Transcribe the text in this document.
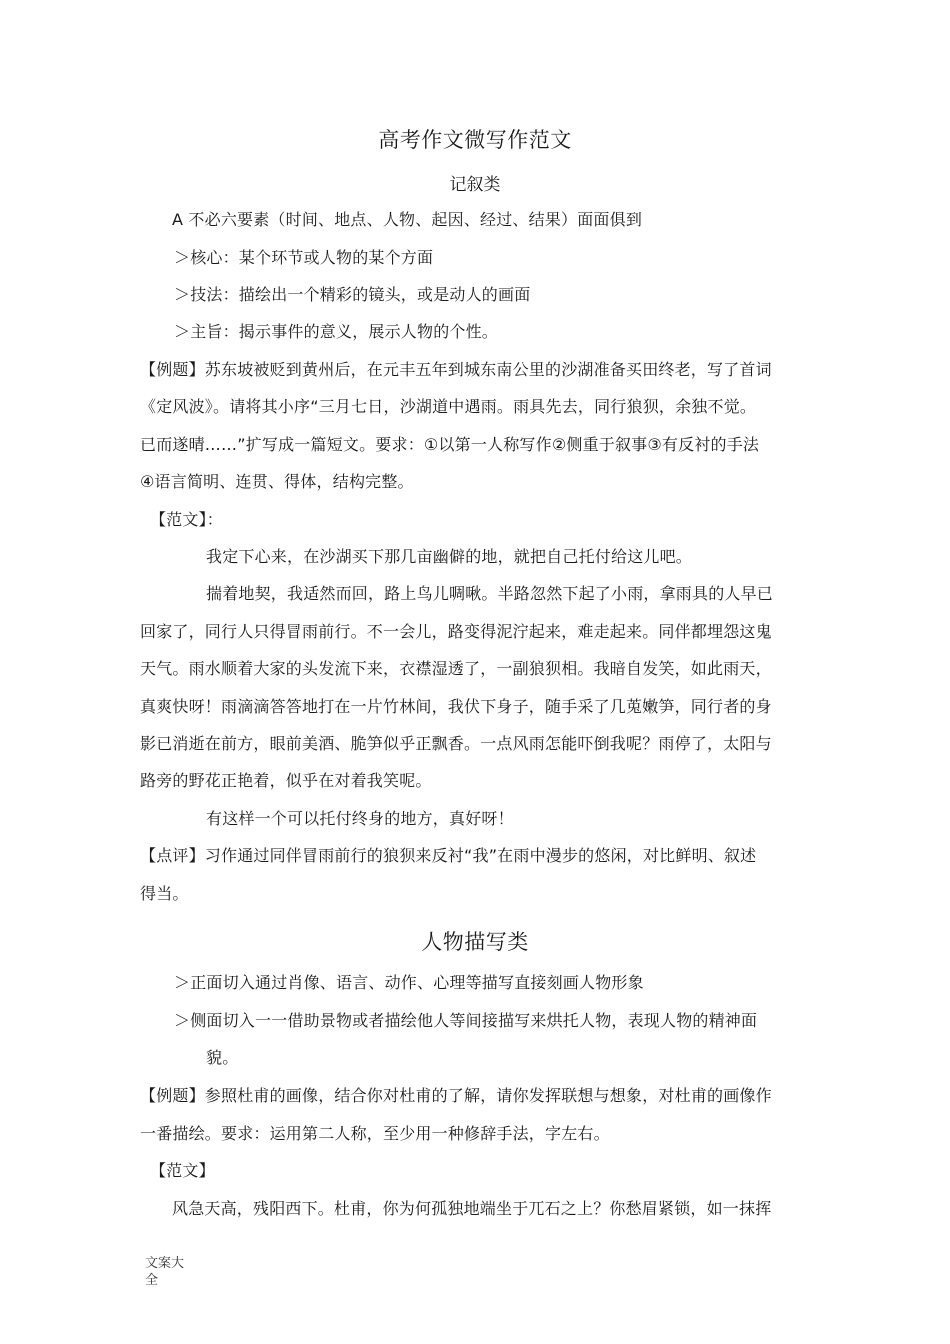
高考作文微写作范文
记叙类
A 不必六要素（时间、地点、人物、起因、经过、结果）面面俱到
＞核心：某个环节或人物的某个方面
＞技法：描绘出一个精彩的镜头，或是动人的画面
＞主旨：揭示事件的意义，展示人物的个性。
【例题】苏东坡被贬到黄州后，在元丰五年到城东南公里的沙湖准备买田终老，写了首词
《定风波》。请将其小序“三月七日，沙湖道中遇雨。雨具先去，同行狼狈，余独不觉。
已而遂晴……”扩写成一篇短文。要求：①以第一人称写作②侧重于叙事③有反衬的手法
④语言简明、连贯、得体，结构完整。
【范文】：
我定下心来，在沙湖买下那几亩幽僻的地，就把自己托付给这儿吧。
揣着地契，我适然而回，路上鸟儿啁啾。半路忽然下起了小雨，拿雨具的人早已
回家了，同行人只得冒雨前行。不一会儿，路变得泥泞起来，难走起来。同伴都埋怨这鬼
天气。雨水顺着大家的头发流下来，衣襟湿透了，一副狼狈相。我暗自发笑，如此雨天，
真爽快呀！雨滴滴答答地打在一片竹林间，我伏下身子，随手采了几莵嫩笋，同行者的身
影已消逝在前方，眼前美酒、脆笋似乎正飘香。一点风雨怎能吓倒我呢？雨停了，太阳与
路旁的野花正艳着，似乎在对着我笑呢。
有这样一个可以托付终身的地方，真好呀！
【点评】习作通过同伴冒雨前行的狼狈来反衬“我”在雨中漫步的悠闲，对比鲜明、叙述
得当。
人物描写类
＞正面切入通过肖像、语言、动作、心理等描写直接刻画人物形象
＞侧面切入一一借助景物或者描绘他人等间接描写来烘托人物，表现人物的精神面
貌。
【例题】参照杜甫的画像，结合你对杜甫的了解，请你发挥联想与想象，对杜甫的画像作
一番描绘。要求：运用第二人称，至少用一种修辞手法，字左右。
【范文】
风急天高，残阳西下。杜甫，你为何孤独地端坐于兀石之上？你愁眉紧锁，如一抹挥
文案大全
